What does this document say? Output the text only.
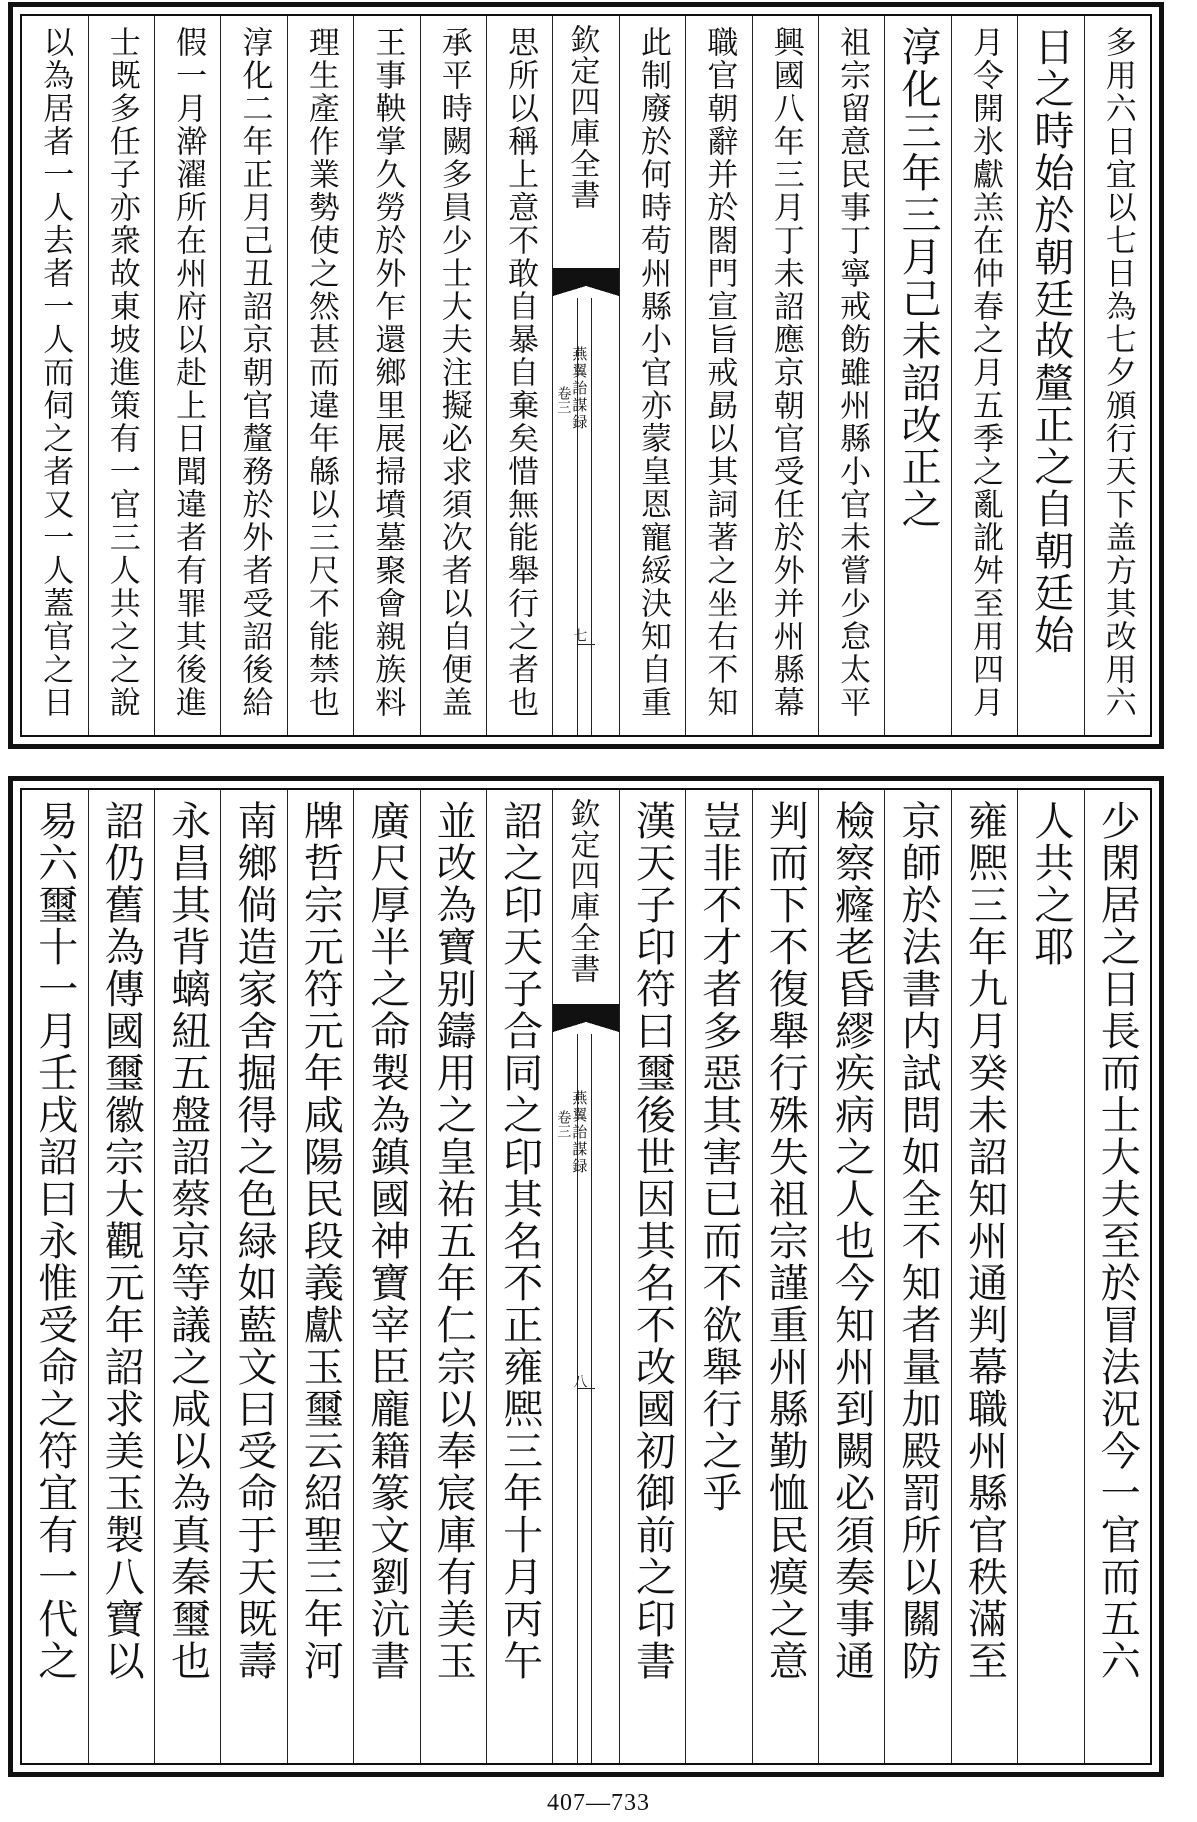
多用六日宜以七日為七夕頒行天下盖方其改用六
日之時始於朝廷故釐正之自朝廷始
月令開氷獻羔在仲春之月五季之亂訛舛至用四月
淳化三年三月己未詔改正之
祖宗留意民事丁寧戒飭雖州縣小官未嘗少怠太平
興國八年三月丁未詔應京朝官受任於外并州縣幕
職官朝辭并於閤門宣旨戒勗以其詞著之坐右不知
此制廢於何時苟州縣小官亦蒙皇恩寵綏決知自重
欽定四庫全書
燕翼詒謀録
卷三
七
思所以稱上意不敢自暴自棄矣惜無能舉行之者也
承平時闕多員少士大夫注擬必求須次者以自便盖
王事鞅掌久勞於外乍還鄉里展掃墳墓聚會親族料
理生產作業勢使之然甚而違年緜以三尺不能禁也
淳化二年正月己丑詔京朝官釐務於外者受詔後給
假一月澣濯所在州府以赴上日聞違者有罪其後進
士既多任子亦衆故東坡進策有一官三人共之之說
以為居者一人去者一人而伺之者又一人蓋官之日
少閑居之日長而士大夫至於冒法況今一官而五六
人共之耶
雍熈三年九月癸未詔知州通判幕職州縣官秩滿至
京師於法書内試問如全不知者量加殿罰所以關防
檢察癃老昏繆疾病之人也今知州到闕必須奏事通
判而下不復舉行殊失祖宗謹重州縣勤恤民瘼之意
豈非不才者多惡其害已而不欲舉行之乎
漢天子印符曰璽後世因其名不改國初御前之印書
欽定四庫全書
燕翼詒謀録
卷三
八
詔之印天子合同之印其名不正雍熈三年十月丙午
並改為寶别鑄用之皇祐五年仁宗以奉宸庫有美玉
廣尺厚半之命製為鎮國神寶宰臣龐籍篆文劉沆書
牌哲宗元符元年咸陽民段義獻玉璽云紹聖三年河
南鄉倘造家舍掘得之色緑如藍文曰受命于天既壽
永昌其背螭紐五盤詔蔡京等議之咸以為真秦璽也
詔仍舊為傳國璽徽宗大觀元年詔求美玉製八寶以
易六璽十一月壬戌詔曰永惟受命之符宜有一代之
407—733
